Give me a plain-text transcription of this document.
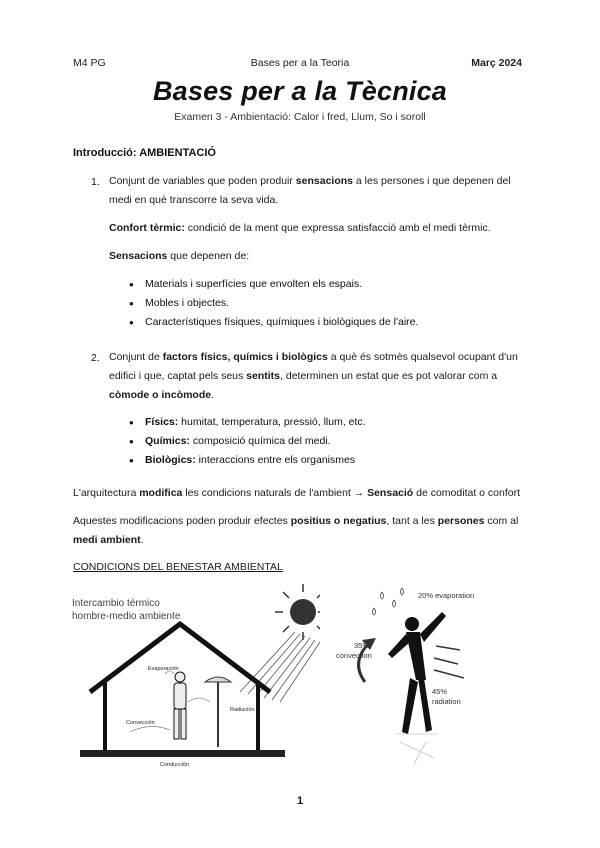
M4 PG	Bases per a la Teoria	Març 2024
Bases per a la Tècnica
Examen 3 - Ambientació: Calor i fred, Llum, So i soroll
Introducció: AMBIENTACIÓ
1. Conjunt de variables que poden produir sensacions a les persones i que depenen del
medi en què transcorre la seva vida.
Confort tèrmic: condició de la ment que expressa satisfacció amb el medi tèrmic.
Sensacions que depenen de:
● Materials i superfícies que envolten els espais.
● Mobles i objectes.
● Característiques físiques, químiques i biològiques de l'aire.
2. Conjunt de factors físics, químics i biològics a què és sotmès qualsevol ocupant d'un
edifici i que, captat pels seus sentits, determinen un estat que es pot valorar com a
còmode o incòmode.
● Físics: humitat, temperatura, pressió, llum, etc.
● Químics: composició química del medi.
● Biològics: interaccions entre els organismes
L'arquitectura modifica les condicions naturals de l'ambient → Sensació de comoditat o confort
Aquestes modificacions poden produir efectes positius o negatius, tant a les persones com al
medi ambient.
CONDICIONS DEL BENESTAR AMBIENTAL
Intercambio térmico
hombre-medio ambiente
Evaporación
Convección
Radiación
Conducción
20% evaporation
35%
convection
45%
radiation
1
